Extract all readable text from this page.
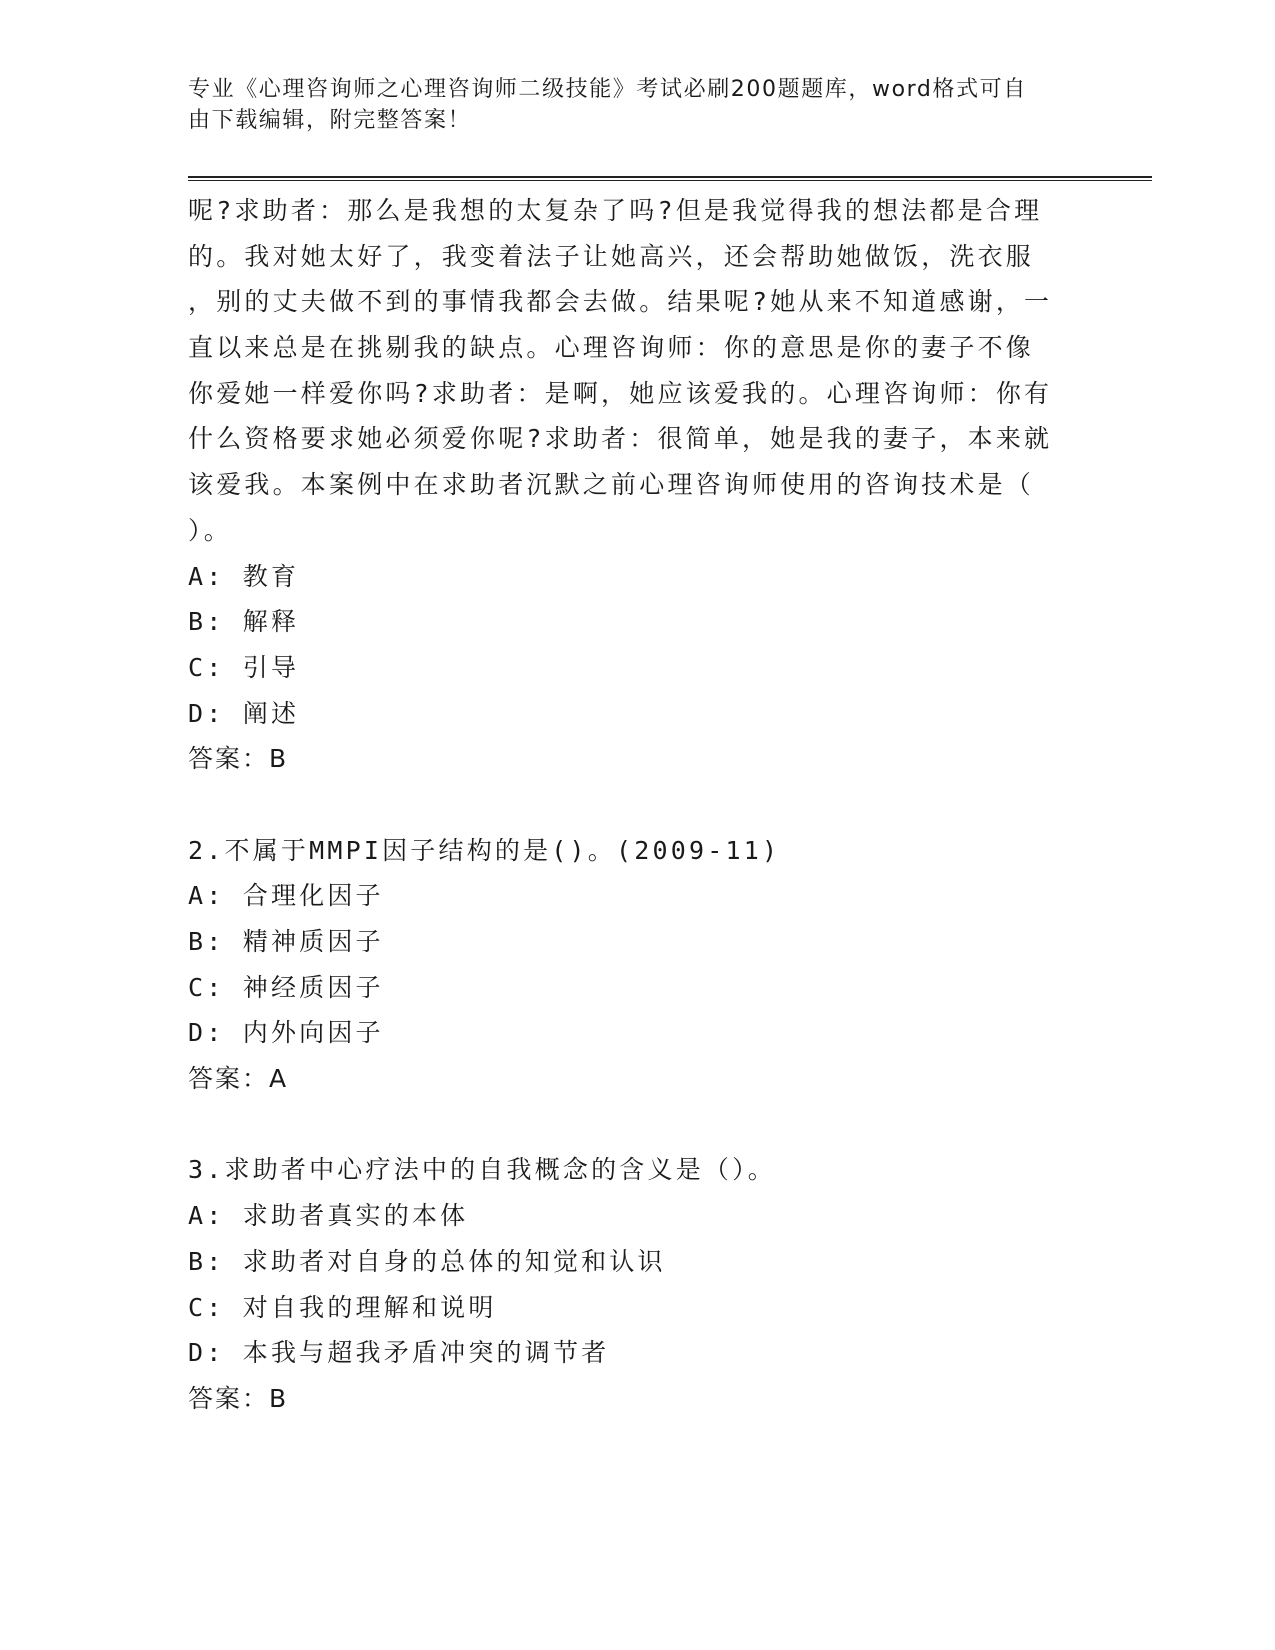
专业《心理咨询师之心理咨询师二级技能》考试必刷200题题库，word格式可自
由下载编辑，附完整答案！
呢?求助者：那么是我想的太复杂了吗?但是我觉得我的想法都是合理
的。我对她太好了，我变着法子让她高兴，还会帮助她做饭，洗衣服
，别的丈夫做不到的事情我都会去做。结果呢?她从来不知道感谢，一
直以来总是在挑剔我的缺点。心理咨询师：你的意思是你的妻子不像
你爱她一样爱你吗?求助者：是啊，她应该爱我的。心理咨询师：你有
什么资格要求她必须爱你呢?求助者：很简单，她是我的妻子，本来就
该爱我。本案例中在求助者沉默之前心理咨询师使用的咨询技术是（
）。
A: 教育
B: 解释
C: 引导
D: 阐述
答案：B
2.不属于MMPI因子结构的是()。(2009-11)
A: 合理化因子
B: 精神质因子
C: 神经质因子
D: 内外向因子
答案：A
3.求助者中心疗法中的自我概念的含义是（）。
A: 求助者真实的本体
B: 求助者对自身的总体的知觉和认识
C: 对自我的理解和说明
D: 本我与超我矛盾冲突的调节者
答案：B
